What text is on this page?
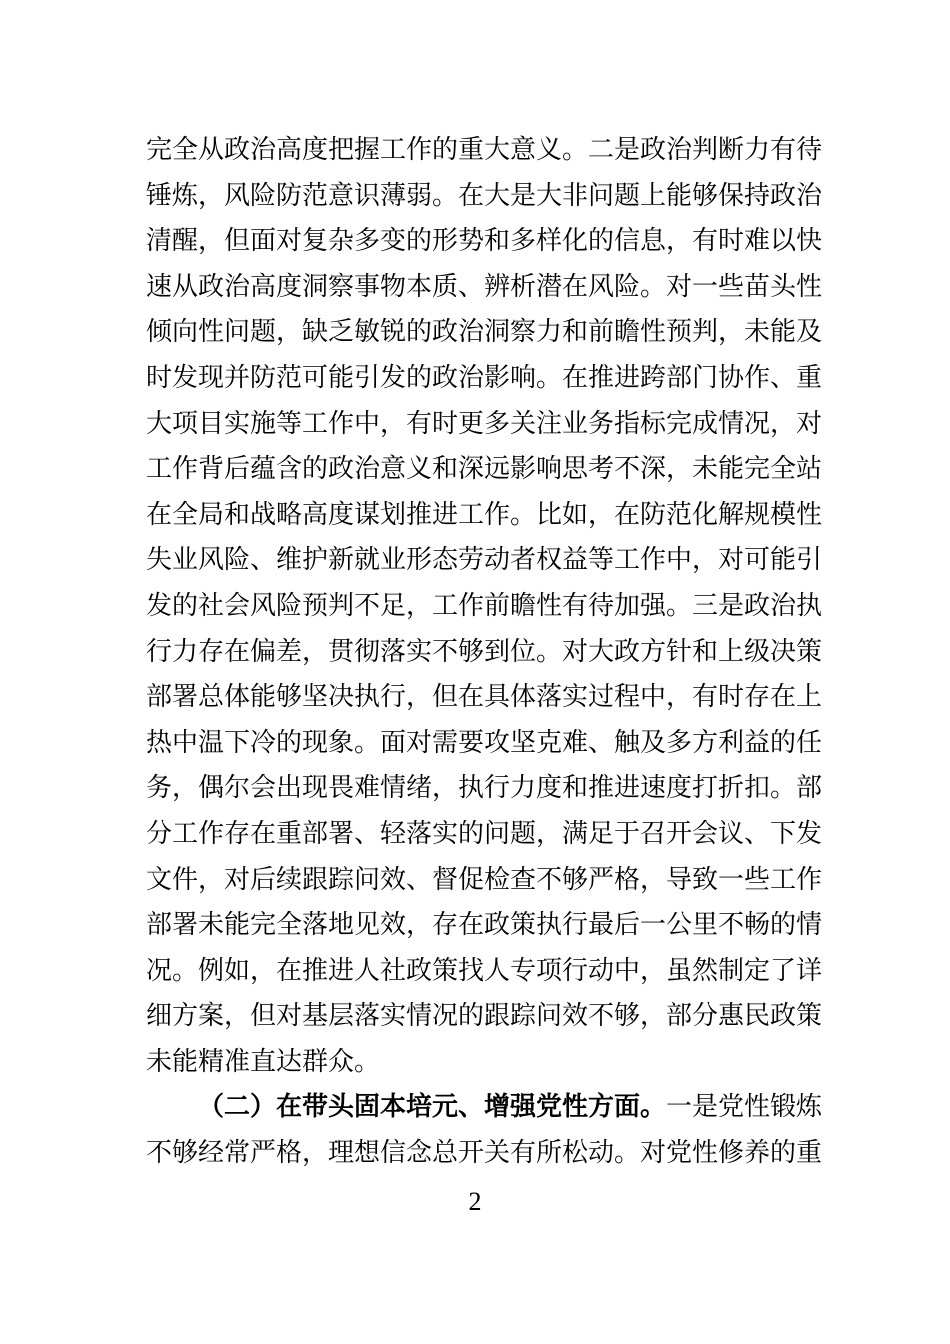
完全从政治高度把握工作的重大意义。二是政治判断力有待
锤炼，风险防范意识薄弱。在大是大非问题上能够保持政治
清醒，但面对复杂多变的形势和多样化的信息，有时难以快
速从政治高度洞察事物本质、辨析潜在风险。对一些苗头性
倾向性问题，缺乏敏锐的政治洞察力和前瞻性预判，未能及
时发现并防范可能引发的政治影响。在推进跨部门协作、重
大项目实施等工作中，有时更多关注业务指标完成情况，对
工作背后蕴含的政治意义和深远影响思考不深，未能完全站
在全局和战略高度谋划推进工作。比如，在防范化解规模性
失业风险、维护新就业形态劳动者权益等工作中，对可能引
发的社会风险预判不足，工作前瞻性有待加强。三是政治执
行力存在偏差，贯彻落实不够到位。对大政方针和上级决策
部署总体能够坚决执行，但在具体落实过程中，有时存在上
热中温下冷的现象。面对需要攻坚克难、触及多方利益的任
务，偶尔会出现畏难情绪，执行力度和推进速度打折扣。部
分工作存在重部署、轻落实的问题，满足于召开会议、下发
文件，对后续跟踪问效、督促检查不够严格，导致一些工作
部署未能完全落地见效，存在政策执行最后一公里不畅的情
况。例如，在推进人社政策找人专项行动中，虽然制定了详
细方案，但对基层落实情况的跟踪问效不够，部分惠民政策
未能精准直达群众。
（二）在带头固本培元、增强党性方面。一是党性锻炼
不够经常严格，理想信念总开关有所松动。对党性修养的重
2
